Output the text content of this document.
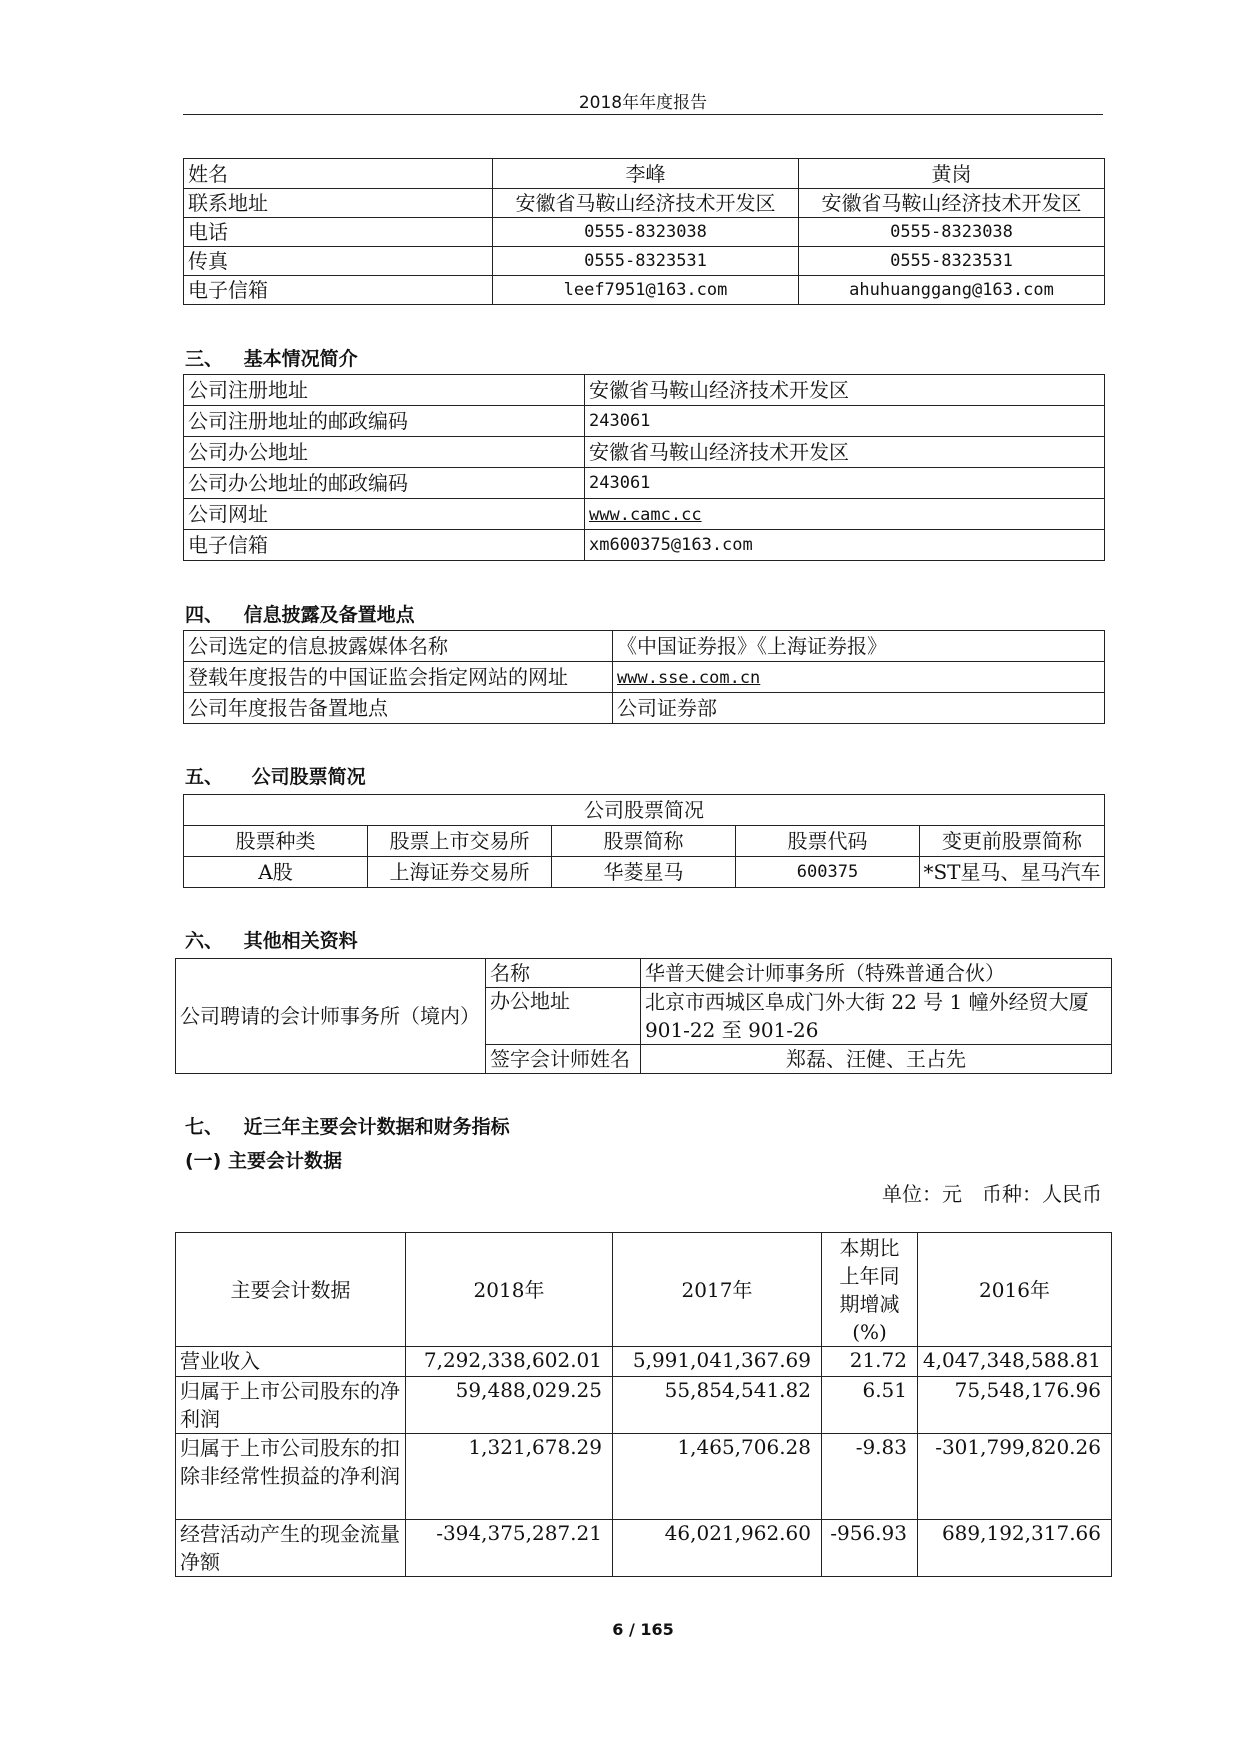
2018年年度报告
姓名	李峰	黄岗
联系地址	安徽省马鞍山经济技术开发区	安徽省马鞍山经济技术开发区
电话	0555-8323038	0555-8323038
传真	0555-8323531	0555-8323531
电子信箱	leef7951@163.com	ahuhuanggang@163.com
三、 基本情况简介
公司注册地址	安徽省马鞍山经济技术开发区
公司注册地址的邮政编码	243061
公司办公地址	安徽省马鞍山经济技术开发区
公司办公地址的邮政编码	243061
公司网址	www.camc.cc
电子信箱	xm600375@163.com
四、 信息披露及备置地点
公司选定的信息披露媒体名称	《中国证券报》《上海证券报》
登载年度报告的中国证监会指定网站的网址	www.sse.com.cn
公司年度报告备置地点	公司证券部
五、 公司股票简况
公司股票简况				
股票种类	股票上市交易所	股票简称	股票代码	变更前股票简称
A股	上海证券交易所	华菱星马	600375	*ST星马、星马汽车
六、 其他相关资料
公司聘请的会计师事务所（境内）	名称	华普天健会计师事务所（特殊普通合伙）
	办公地址	北京市西城区阜成门外大街 22 号 1 幢外经贸大厦 901-22 至 901-26
	签字会计师姓名	郑磊、汪健、王占先
七、 近三年主要会计数据和财务指标
(一) 主要会计数据
单位：元　币种：人民币
主要会计数据	2018年	2017年	本期比上年同期增减(%)	2016年
营业收入	7,292,338,602.01	5,991,041,367.69	21.72	4,047,348,588.81
归属于上市公司股东的净利润	59,488,029.25	55,854,541.82	6.51	75,548,176.96
归属于上市公司股东的扣除非经常性损益的净利润	1,321,678.29	1,465,706.28	-9.83	-301,799,820.26
经营活动产生的现金流量净额	-394,375,287.21	46,021,962.60	-956.93	689,192,317.66
6 / 165
